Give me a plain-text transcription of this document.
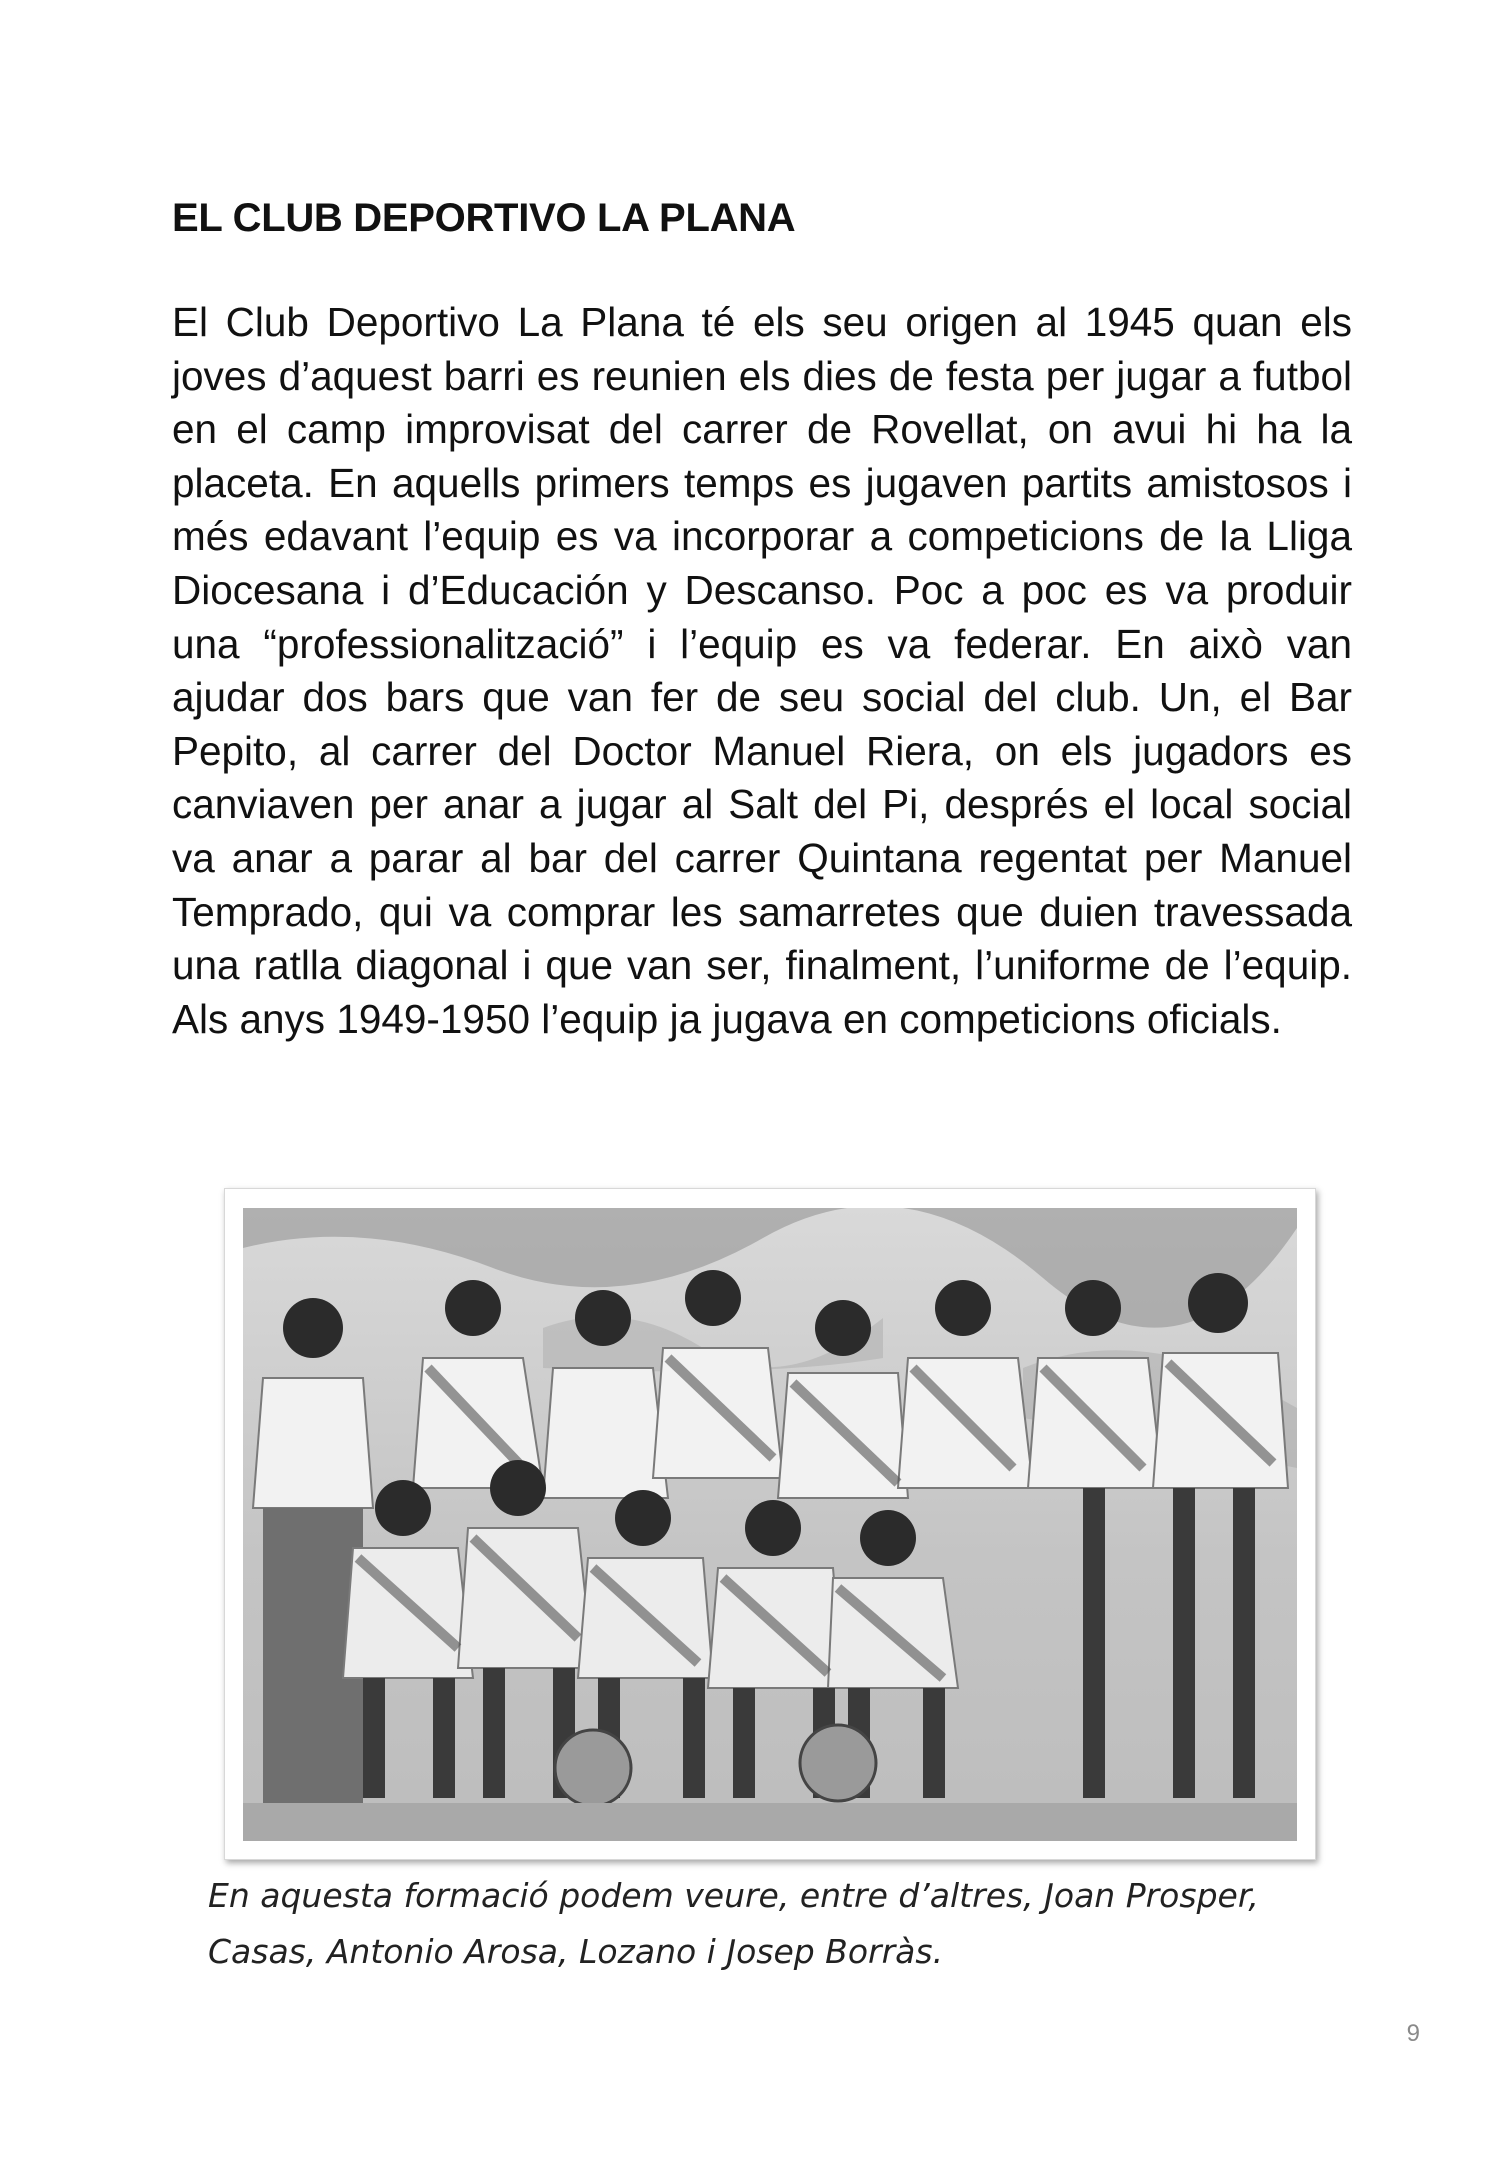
EL CLUB DEPORTIVO LA PLANA

El Club Deportivo La Plana té els seu origen al 1945 quan els joves d’aquest barri es reunien els dies de festa per jugar a futbol en el camp improvisat del carrer de Rovellat, on avui hi ha la placeta. En aquells primers temps es jugaven partits amistosos i més edavant l’equip es va incorporar a competicions de la Lliga Diocesana i d’Educación y Descanso. Poc a poc es va produir una “professionalització” i l’equip es va federar. En això van ajudar dos bars que van fer de seu social del club. Un, el Bar Pepito, al carrer del Doctor Manuel Riera, on els jugadors es canviaven per anar a jugar al Salt del Pi, després el local social va anar a parar al bar del carrer Quintana regentat per Manuel Temprado, qui va comprar les samarretes que duien travessada una ratlla diagonal i que van ser, finalment, l’uniforme de l’equip. Als anys 1949-1950 l’equip ja jugava en competicions oficials.

En aquesta formació podem veure, entre d’altres, Joan Prosper, Casas, Antonio Arosa, Lozano i Josep Borràs.

9
